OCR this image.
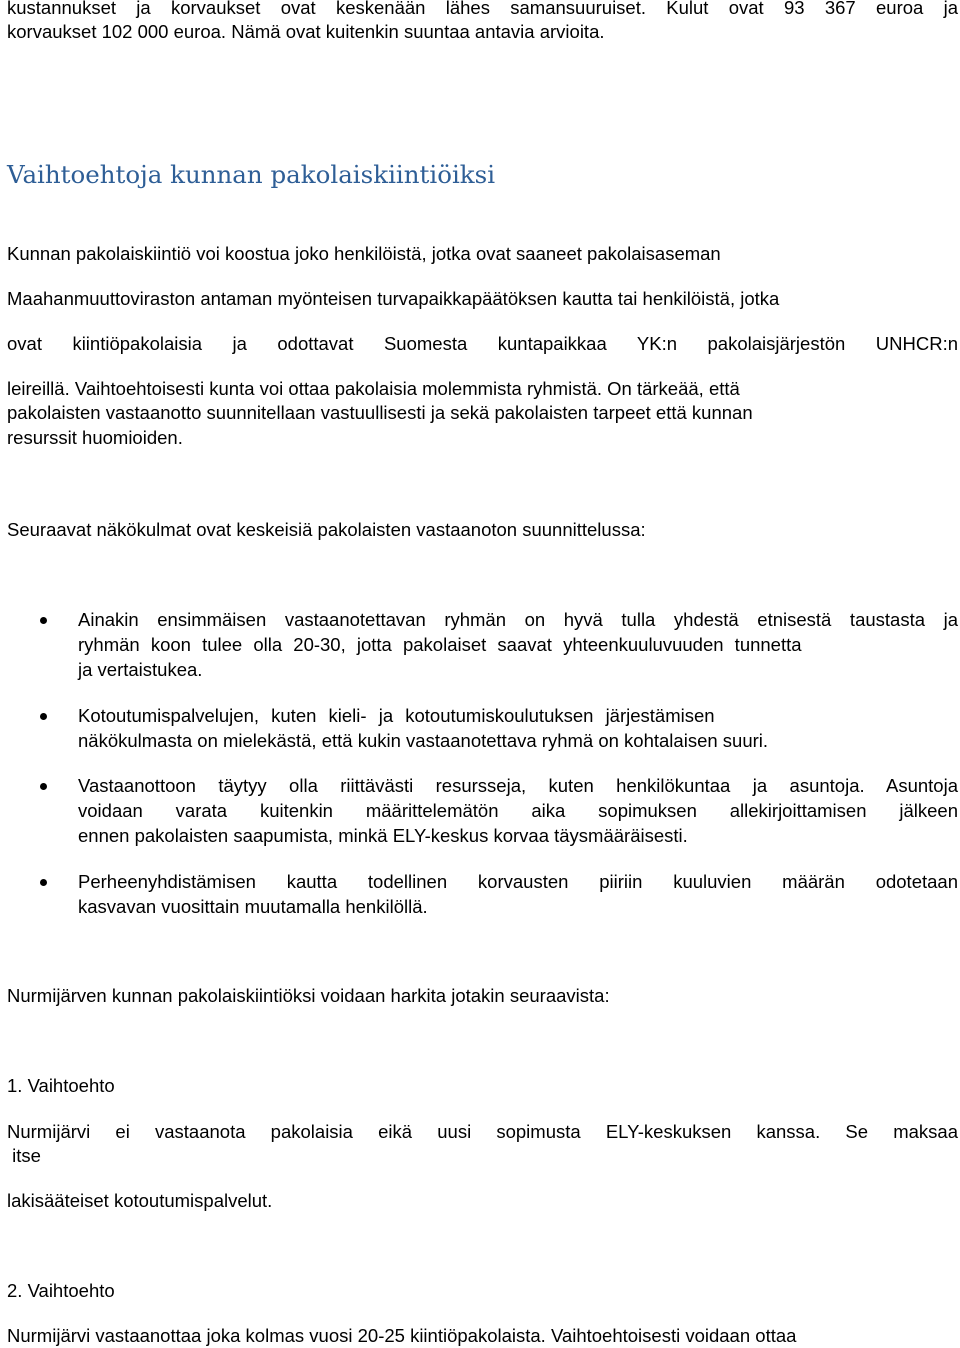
kustannukset ja korvaukset ovat keskenään lähes samansuuruiset. Kulut ovat 93 367 euroa ja
korvaukset 102 000 euroa. Nämä ovat kuitenkin suuntaa antavia arvioita.
Vaihtoehtoja kunnan pakolaiskiintiöiksi
Kunnan pakolaiskiintiö voi koostua joko henkilöistä, jotka ovat saaneet pakolaisaseman
Maahanmuuttoviraston antaman myönteisen turvapaikkapäätöksen kautta tai henkilöistä, jotka
ovat kiintiöpakolaisia ja odottavat Suomesta kuntapaikkaa YK:n pakolaisjärjestön UNHCR:n
leireillä. Vaihtoehtoisesti kunta voi ottaa pakolaisia molemmista ryhmistä. On tärkeää, että
pakolaisten vastaanotto suunnitellaan vastuullisesti ja sekä pakolaisten tarpeet että kunnan
resurssit huomioiden.
Seuraavat näkökulmat ovat keskeisiä pakolaisten vastaanoton suunnittelussa:
Ainakin ensimmäisen vastaanotettavan ryhmän on hyvä tulla yhdestä etnisestä taustasta ja
ryhmän koon tulee olla 20-30, jotta pakolaiset saavat yhteenkuuluvuuden tunnetta
ja vertaistukea.
Kotoutumispalvelujen, kuten kieli- ja kotoutumiskoulutuksen järjestämisen
näkökulmasta on mielekästä, että kukin vastaanotettava ryhmä on kohtalaisen suuri.
Vastaanottoon täytyy olla riittävästi resursseja, kuten henkilökuntaa ja asuntoja. Asuntoja
voidaan varata kuitenkin määrittelemätön aika sopimuksen allekirjoittamisen jälkeen
ennen pakolaisten saapumista, minkä ELY-keskus korvaa täysmääräisesti.
Perheenyhdistämisen kautta todellinen korvausten piiriin kuuluvien määrän odotetaan
kasvavan vuosittain muutamalla henkilöllä.
Nurmijärven kunnan pakolaiskiintiöksi voidaan harkita jotakin seuraavista:
1. Vaihtoehto
Nurmijärvi ei vastaanota pakolaisia eikä uusi sopimusta ELY-keskuksen kanssa. Se maksaa
itse
lakisääteiset kotoutumispalvelut.
2. Vaihtoehto
Nurmijärvi vastaanottaa joka kolmas vuosi 20-25 kiintiöpakolaista. Vaihtoehtoisesti voidaan ottaa
